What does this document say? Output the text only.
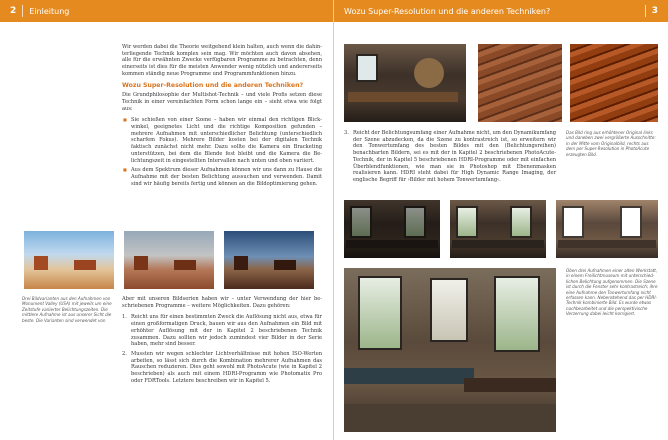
2 Einleitung

Wir werden dabei die Theorie weitgehend klein halten, auch wenn die dahinterliegende Technik komplex sein mag. Wir möchten auch davon absehen, alle für die erwähnten Zwecke verfügbaren Programme zu betrachten, denn einerseits ist dies für die meisten Anwender wenig nützlich und andererseits kommen ständig neue Programme und Programmfunktionen hinzu.

Wozu Super-Resolution und die anderen Techniken?

Die Grundphilosophie der Multishot-Technik – und viele Profis setzen diese Technik in einer vereinfachten Form schon lange ein – sieht etwa wie folgt aus:

■ Sie schießen von einer Szene – haben wir einmal den richtigen Blickwinkel, geeignetes Licht und die richtige Komposition gefunden – mehrere Aufnahmen mit unterschiedlicher Belichtung (unterschiedlich scharfem Fokus). Mehrere Bilder kosten bei der digitalen Technik faktisch zunächst nicht mehr. Dazu sollte die Kamera ein Bracketing unterstützen, bei dem die Blende fest bleibt und die Kamera die Belichtungszeit in eingestellten Intervallen nach unten und oben variiert.
■ Aus dem Spektrum dieser Aufnahmen können wir uns dann zu Hause die Aufnahme mit der besten Belichtung aussuchen und verwenden. Damit sind wir häufig bereits fertig und können an die Bildoptimierung gehen.
Drei Bildvarianten aus den Aufnahmen von Monument Valley (USA) mit jeweils um eine Zeitstufe variierter Belichtungszeiten. Die mittlere Aufnahme ist aus unserer Sicht die beste. Die Varianten sind verwendet von

Aber mit unseren Bildserien haben wir – unter Verwendung der hier beschriebenen Programme – weitere Möglichkeiten. Dazu gehören:

1. Reicht uns für einen bestimmten Zweck die Auflösung nicht aus, etwa für einen großformatigen Druck, bauen wir aus den Aufnahmen ein Bild mit erhöhter Auflösung mit der in Kapitel 2 beschriebenen Technik zusammen. Dazu sollten wir jedoch zumindest vier Bilder in der Serie haben, mehr sind besser.
2. Mussten wir wegen schlechter Lichtverhältnisse mit hohen ISO-Werten arbeiten, so lässt sich durch die Kombination mehrerer Aufnahmen das Rauschen reduzieren. Dies geht sowohl mit PhotoAcute (wie in Kapitel 2 beschrieben) als auch mit einem HDRI-Programm wie Photomatix Pro oder FDRTools. Letztere beschreiben wir in Kapitel 5.
Wozu Super-Resolution und die anderen Techniken?	3
3. Reicht der Belichtungsumfang einer Aufnahme nicht, um den Dynamikumfang der Szene abzudecken, da die Szene zu kontrastreich ist, so erweitern wir den Tonwertumfang des besten Bildes mit den (Belichtungsreihen) benachbarten Bildern, sei es mit der in Kapitel 2 beschriebenen PhotoAcute-Technik, der in Kapitel 5 beschriebenen HDRI-Programme oder mit einfachen Überblendfunktionen, wie man sie in Photoshop mit Ebenenmasken realisieren kann. HDRI steht dabei für High Dynamic Range Imaging, der englische Begriff für ›Bilder mit hohem Tonwertumfang‹.
Das Bild ring aus erhöhtener Original links und daneben zwei vergrößerte Ausschnitte: in der Mitte vom Originalbild, rechts aus dem per Super-Resolution in PhotoAcute erzeugten Bild.
Oben drei Aufnahmen einer alten Werkstatt, in einem Freilichtmuseum mit unterschiedlichen Belichtung aufgenommen. Die Szene ist durch die Fenster sehr kontrastreich; ihre eine Aufnahme den Tonwertumfang nicht erfassen kann. Nebenstehend das per HDRI-Technik kombinierte Bild. Es wurde etwas nachbearbeitet und die perspektivische Verzerrung dabei leicht korrigiert.
